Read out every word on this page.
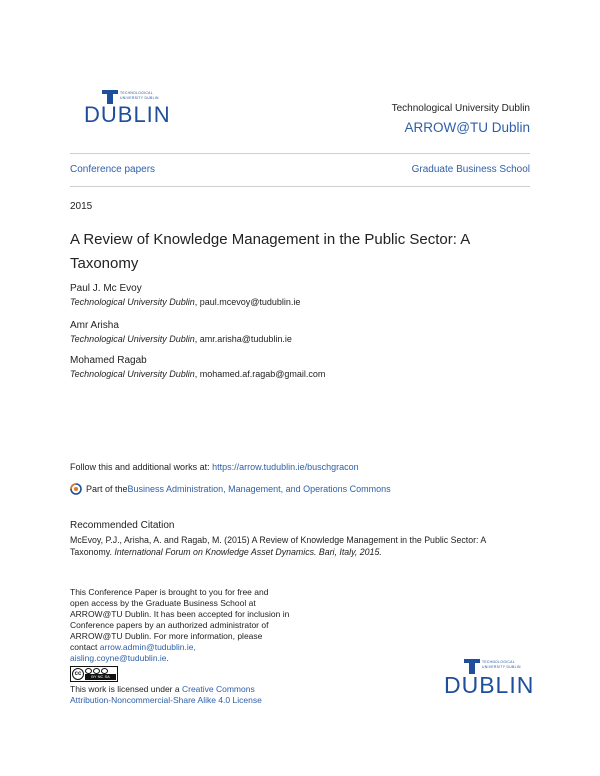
TECHNOLOGICAL
UNIVERSITY DUBLIN
DUBLIN	Technological University Dublin
ARROW@TU Dublin
Conference papers	Graduate Business School
2015
A Review of Knowledge Management in the Public Sector: A
Taxonomy
Paul J. Mc Evoy
Technological University Dublin, paul.mcevoy@tudublin.ie
Amr Arisha
Technological University Dublin, amr.arisha@tudublin.ie
Mohamed Ragab
Technological University Dublin, mohamed.af.ragab@gmail.com
Follow this and additional works at: https://arrow.tudublin.ie/buschgracon
Part of the Business Administration, Management, and Operations Commons
Recommended Citation
McEvoy, P.J., Arisha, A. and Ragab, M. (2015) A Review of Knowledge Management in the Public Sector: A
Taxonomy. International Forum on Knowledge Asset Dynamics. Bari, Italy, 2015.
This Conference Paper is brought to you for free and
open access by the Graduate Business School at
ARROW@TU Dublin. It has been accepted for inclusion in
Conference papers by an authorized administrator of
ARROW@TU Dublin. For more information, please
contact arrow.admin@tudublin.ie,
aisling.coyne@tudublin.ie.
cc	BY NC SA
This work is licensed under a Creative Commons
Attribution-Noncommercial-Share Alike 4.0 License
TECHNOLOGICAL
UNIVERSITY DUBLIN
DUBLIN
